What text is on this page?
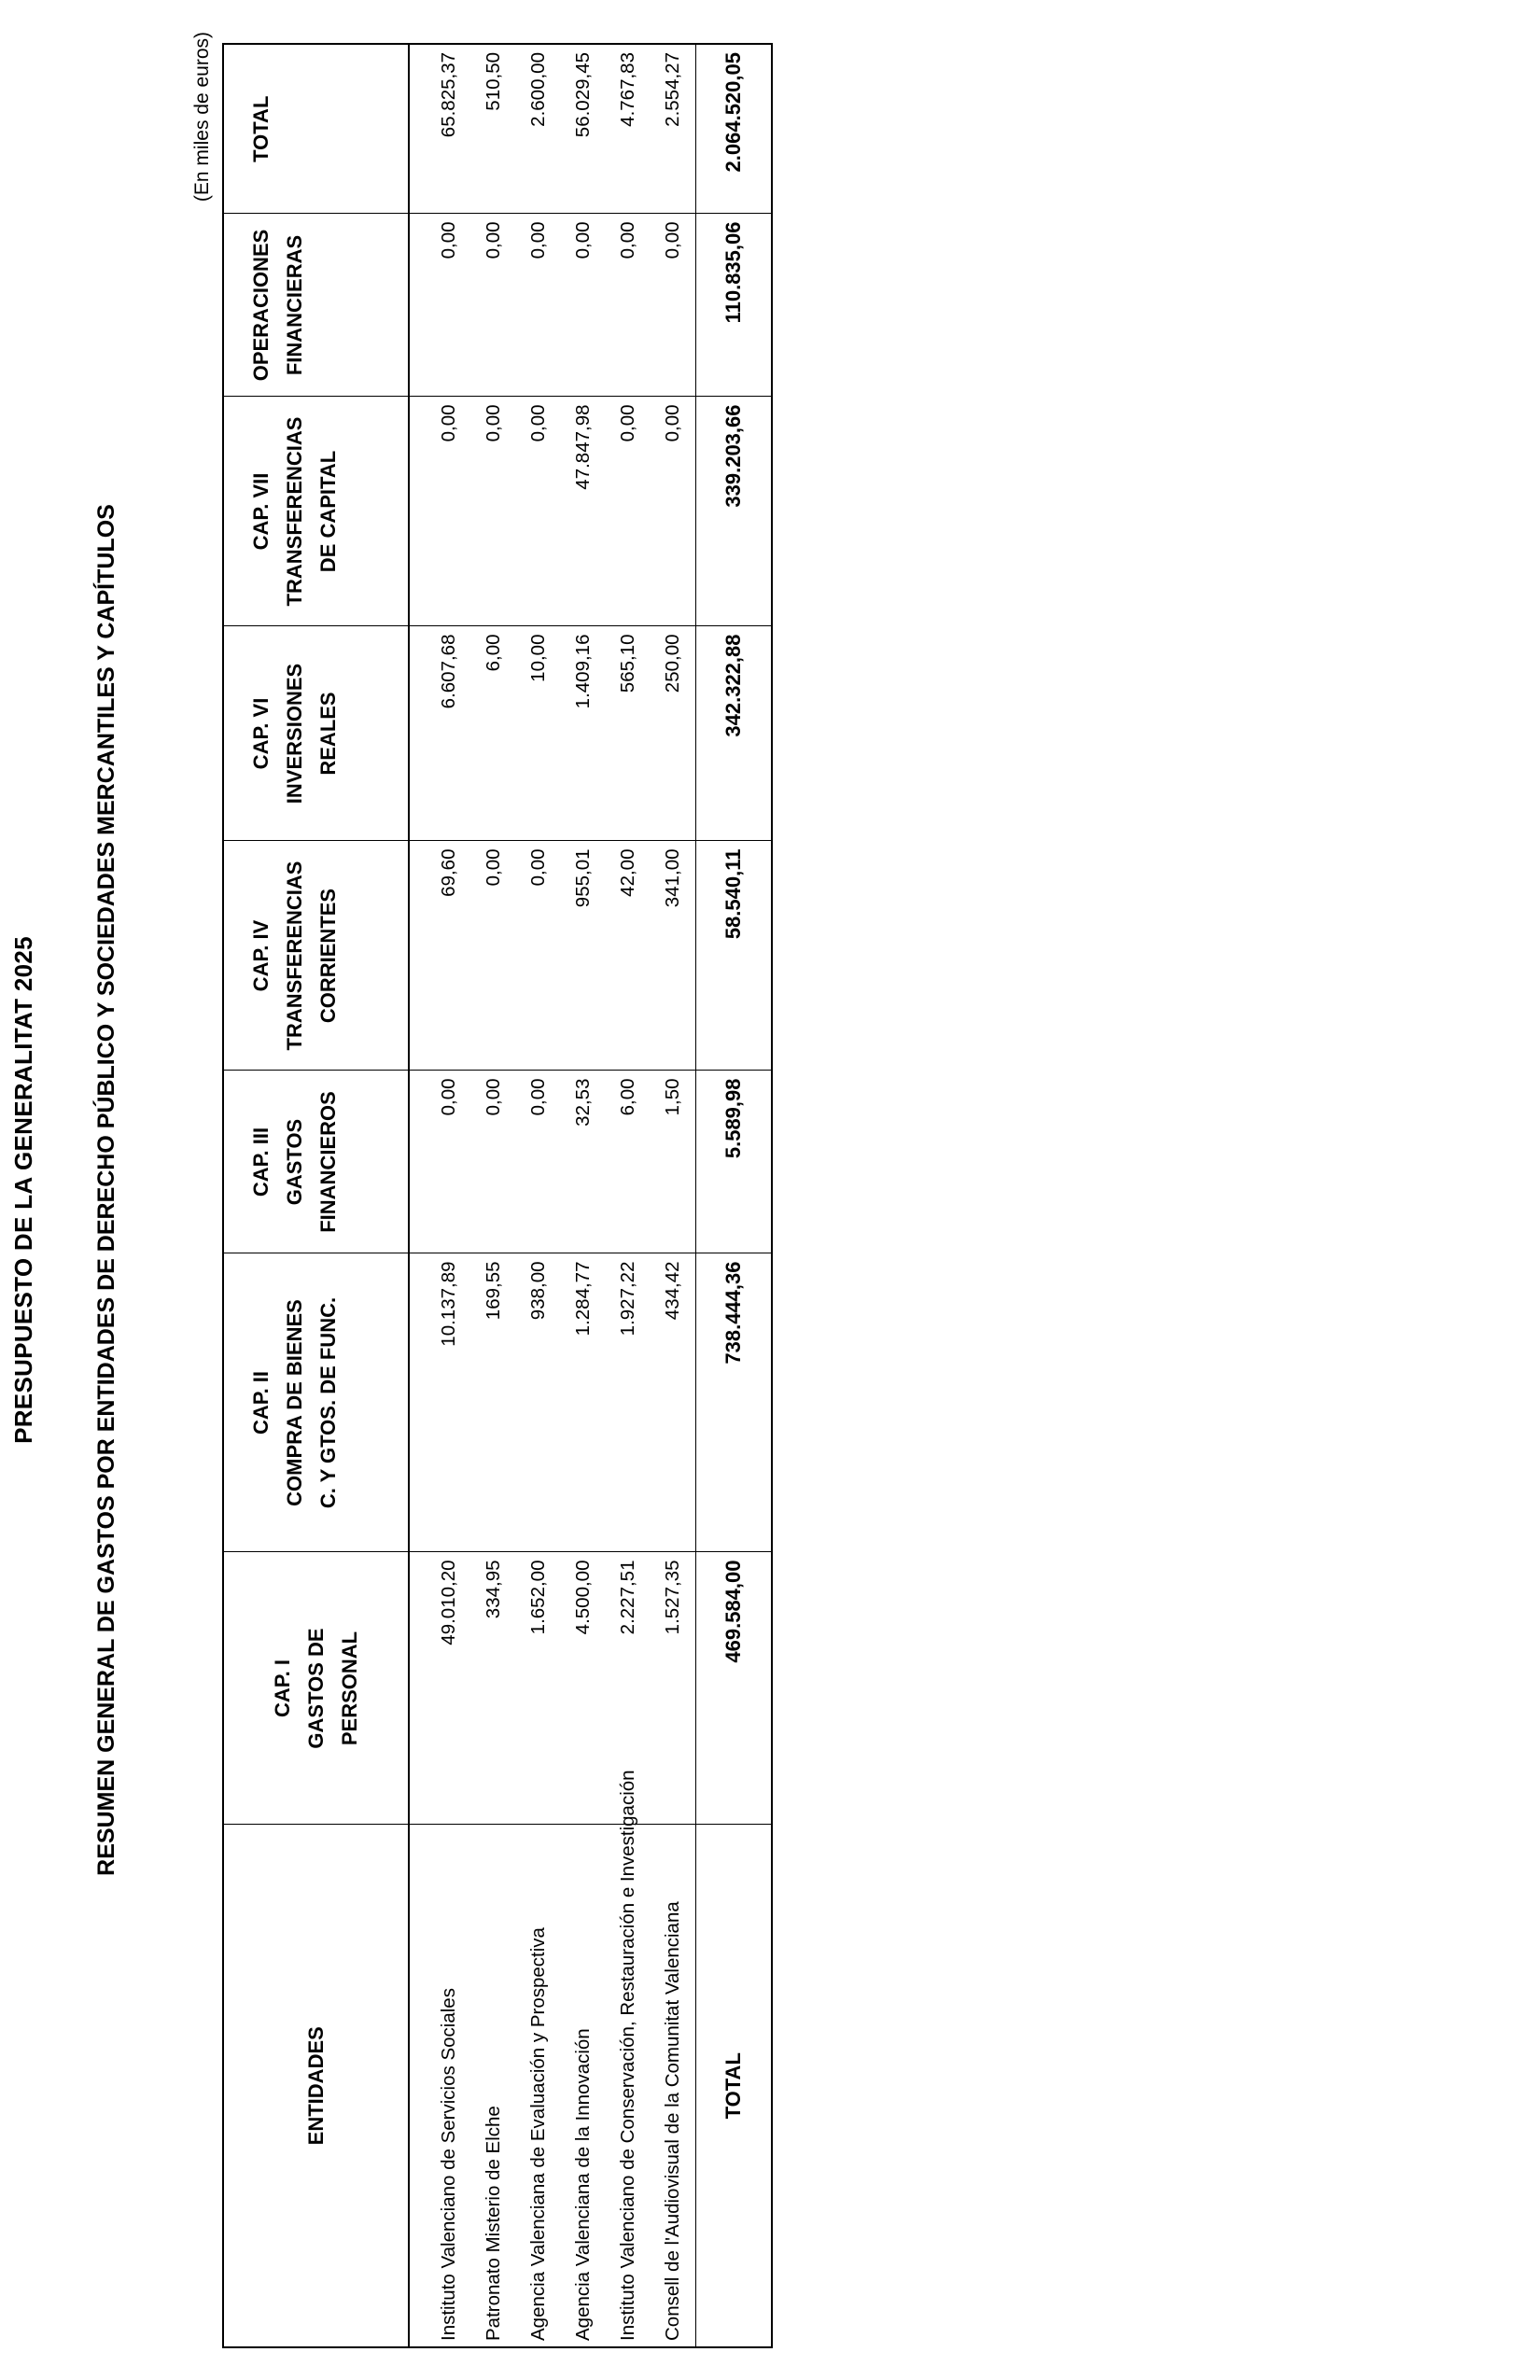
PRESUPUESTO DE LA GENERALITAT 2025 RESUMEN GENERAL DE GASTOS POR ENTIDADES DE DERECHO PÚBLICO Y SOCIEDADES MERCANTILES Y CAPÍTULOS
(En miles de euros)
ENTIDADES	CAP. I GASTOS DE PERSONAL	CAP. II COMPRA DE BIENES C. Y GTOS. DE FUNC.	CAP. III GASTOS FINANCIEROS	CAP. IV TRANSFERENCIAS CORRIENTES	CAP. VI INVERSIONES REALES	CAP. VII TRANSFERENCIAS DE CAPITAL	OPERACIONES FINANCIERAS	TOTAL
Instituto Valenciano de Servicios Sociales	49.010,20	10.137,89	0,00	69,60	6.607,68	0,00	0,00	65.825,37
Patronato Misterio de Elche	334,95	169,55	0,00	0,00	6,00	0,00	0,00	510,50
Agencia Valenciana de Evaluación y Prospectiva	1.652,00	938,00	0,00	0,00	10,00	0,00	0,00	2.600,00
Agencia Valenciana de la Innovación	4.500,00	1.284,77	32,53	955,01	1.409,16	47.847,98	0,00	56.029,45
Instituto Valenciano de Conservación, Restauración e Investigación	2.227,51	1.927,22	6,00	42,00	565,10	0,00	0,00	4.767,83
Consell de l'Audiovisual de la Comunitat Valenciana	1.527,35	434,42	1,50	341,00	250,00	0,00	0,00	2.554,27
TOTAL	469.584,00	738.444,36	5.589,98	58.540,11	342.322,88	339.203,66	110.835,06	2.064.520,05
